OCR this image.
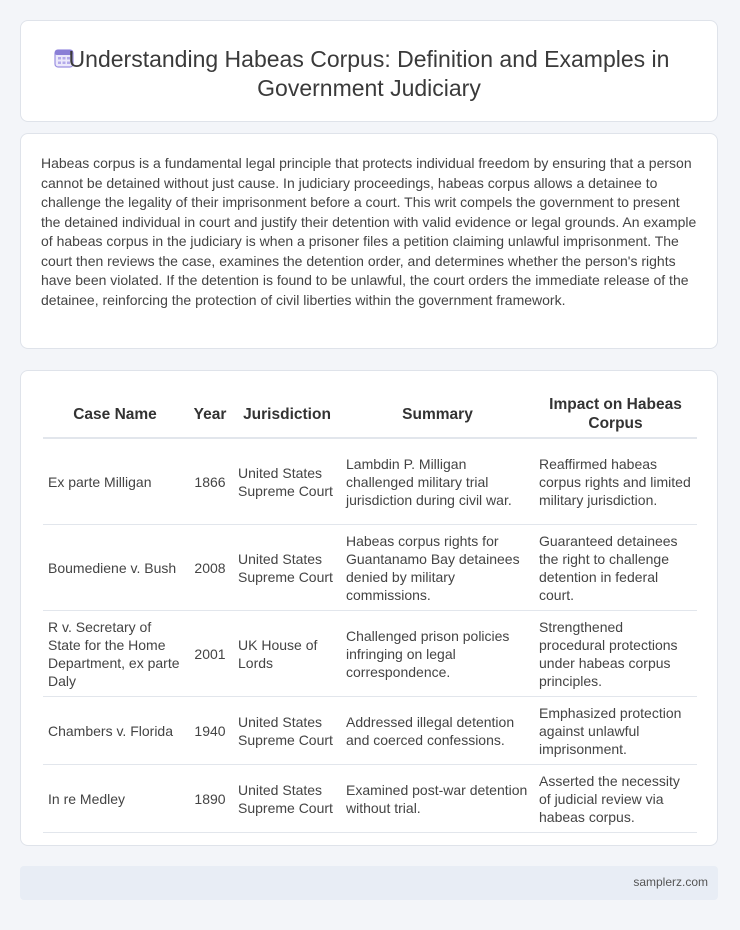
Understanding Habeas Corpus: Definition and Examples in Government Judiciary

Habeas corpus is a fundamental legal principle that protects individual freedom by ensuring that a person cannot be detained without just cause. In judiciary proceedings, habeas corpus allows a detainee to challenge the legality of their imprisonment before a court. This writ compels the government to present the detained individual in court and justify their detention with valid evidence or legal grounds. An example of habeas corpus in the judiciary is when a prisoner files a petition claiming unlawful imprisonment. The court then reviews the case, examines the detention order, and determines whether the person's rights have been violated. If the detention is found to be unlawful, the court orders the immediate release of the detainee, reinforcing the protection of civil liberties within the government framework.

Case Name	Year	Jurisdiction	Summary	Impact on Habeas Corpus
Ex parte Milligan	1866	United States Supreme Court	Lambdin P. Milligan challenged military trial jurisdiction during civil war.	Reaffirmed habeas corpus rights and limited military jurisdiction.
Boumediene v. Bush	2008	United States Supreme Court	Habeas corpus rights for Guantanamo Bay detainees denied by military commissions.	Guaranteed detainees the right to challenge detention in federal court.
R v. Secretary of State for the Home Department, ex parte Daly	2001	UK House of Lords	Challenged prison policies infringing on legal correspondence.	Strengthened procedural protections under habeas corpus principles.
Chambers v. Florida	1940	United States Supreme Court	Addressed illegal detention and coerced confessions.	Emphasized protection against unlawful imprisonment.
In re Medley	1890	United States Supreme Court	Examined post-war detention without trial.	Asserted the necessity of judicial review via habeas corpus.
samplerz.com
